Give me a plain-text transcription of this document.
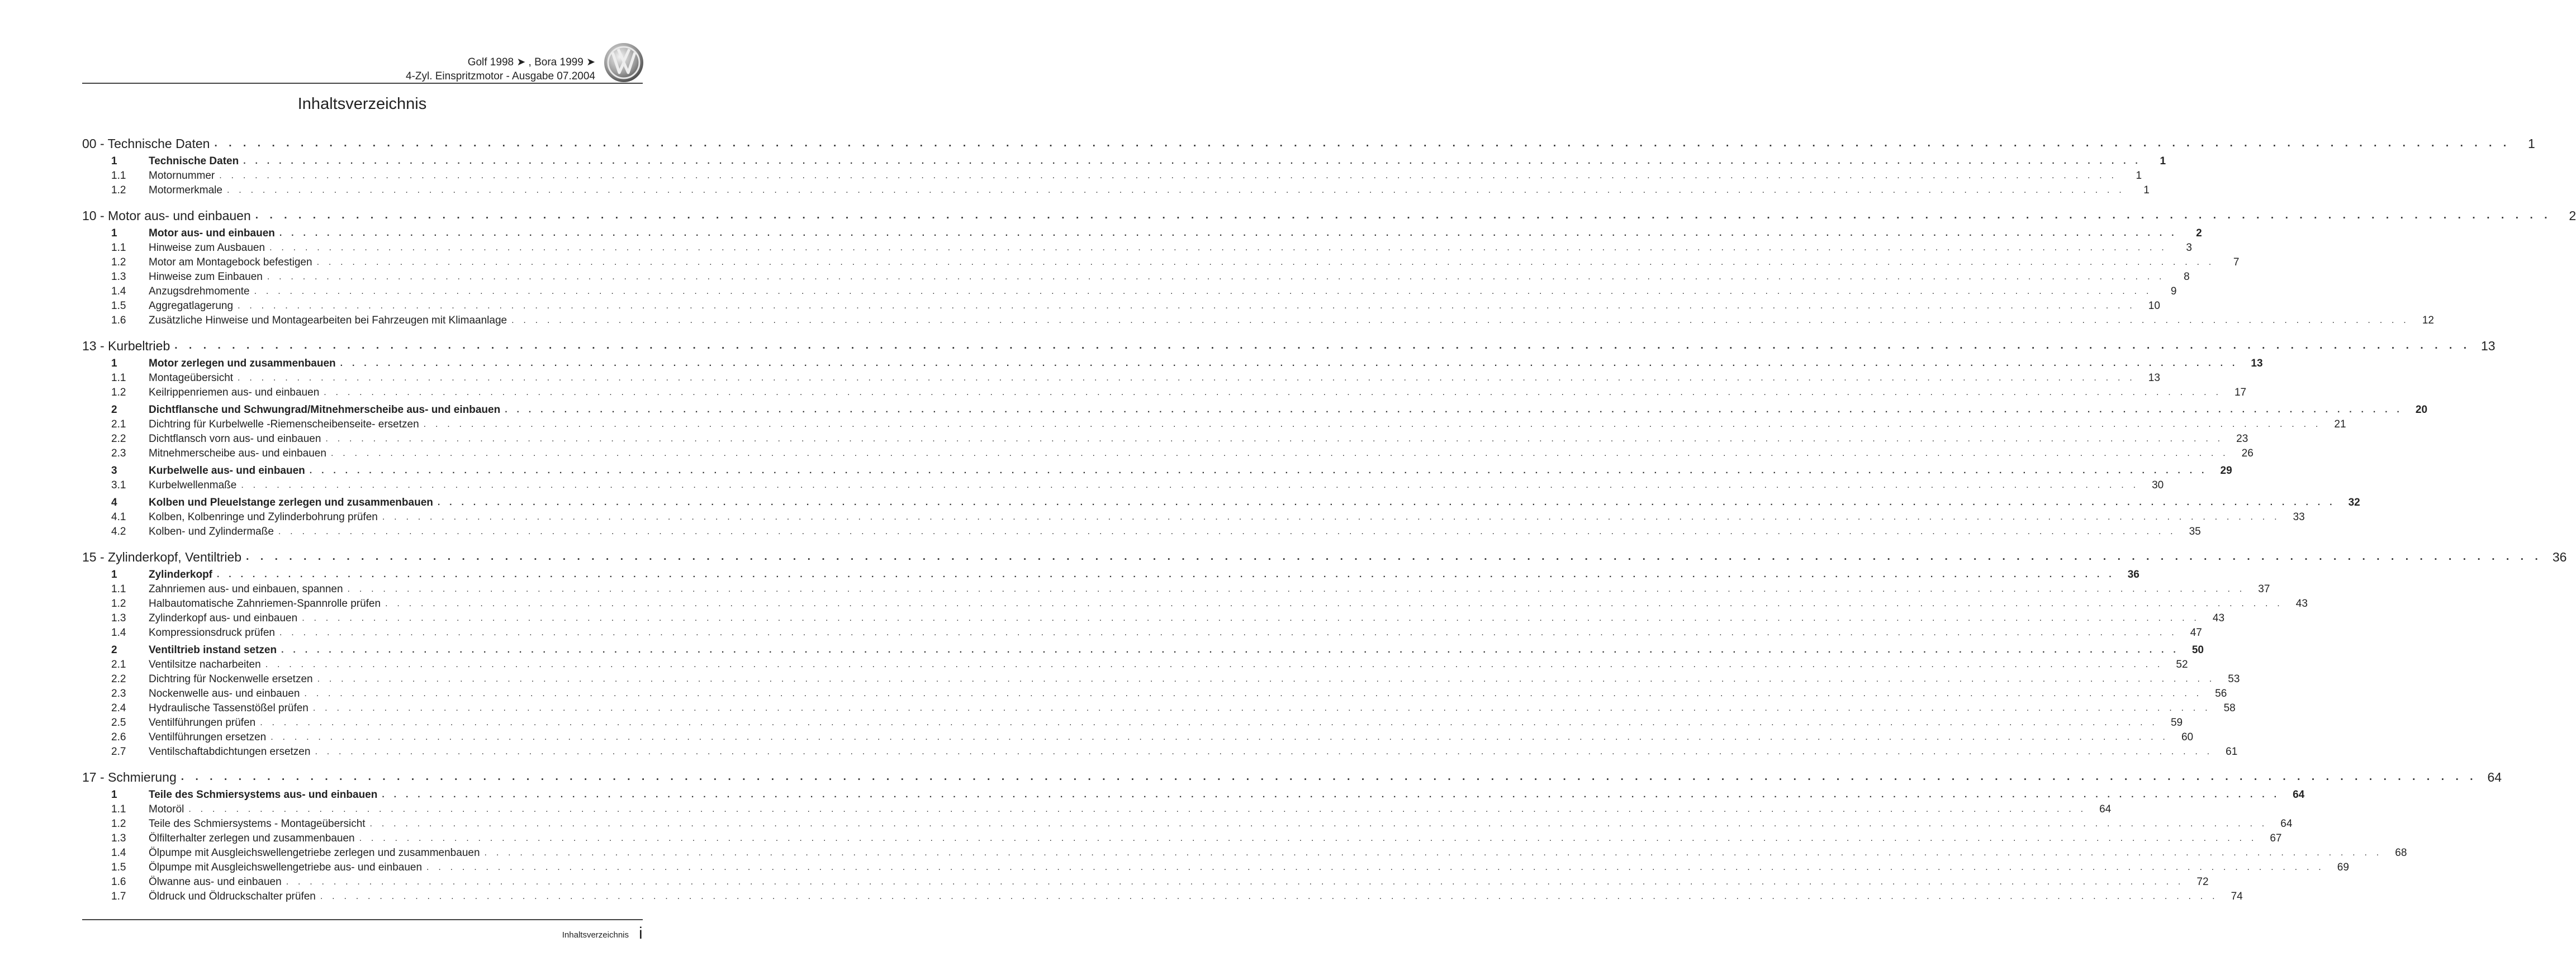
Golf 1998 ➤ , Bora 1999 ➤
4-Zyl. Einspritzmotor - Ausgabe 07.2004
Inhaltsverzeichnis
00 - Technische Daten . . . . . . . . . . . . . . . . . . . . . . . . . . . . . . . . . . . . . . . . . . . . . . . . . . . . . . . . . . . . . . . . . . . . . . . . . . . . . . . . . . . . . . . . . . . . . . . . . . . . . . . . . . . . . . . . . . . . . . . . . . . . . . . . . . . . . . . . . . . . . . . . . . . . . . . . . . . . . . . .	1
1	Technische Daten . . . . . . . . . . . . . . . . . . . . . . . . . . . . . . . . . . . . . . . . . . . . . . . . . . . . . . . . . . . . . . . . . . . . . . . . . . . . . . . . . . . . . . . . . . . . . . . . . . . . . . . . . . . . . . . . . . . . . . . . . . . . . . . . . . . . . . . . . . . . . . . . . . . . . . . . . . . . . . . .	1
1.1	Motornummer . . . . . . . . . . . . . . . . . . . . . . . . . . . . . . . . . . . . . . . . . . . . . . . . . . . . . . . . . . . . . . . . . . . . . . . . . . . . . . . . . . . . . . . . . . . . . . . . . . . . . . . . . . . . . . . . . . . . . . . . . . . . . . . . . . . . . . . . . . . . . . . . . . . . . . . . . . . . . . . .	1
1.2	Motormerkmale . . . . . . . . . . . . . . . . . . . . . . . . . . . . . . . . . . . . . . . . . . . . . . . . . . . . . . . . . . . . . . . . . . . . . . . . . . . . . . . . . . . . . . . . . . . . . . . . . . . . . . . . . . . . . . . . . . . . . . . . . . . . . . . . . . . . . . . . . . . . . . . . . . . . . . . . . . . . . . . .	1
10 - Motor aus- und einbauen . . . . . . . . . . . . . . . . . . . . . . . . . . . . . . . . . . . . . . . . . . . . . . . . . . . . . . . . . . . . . . . . . . . . . . . . . . . . . . . . . . . . . . . . . . . . . . . . . . . . . . . . . . . . . . . . . . . . . . . . . . . . . . . . . . . . . . . . . . . . . . . . . . . . . . . . . . . . . . . .	2
1	Motor aus- und einbauen . . . . . . . . . . . . . . . . . . . . . . . . . . . . . . . . . . . . . . . . . . . . . . . . . . . . . . . . . . . . . . . . . . . . . . . . . . . . . . . . . . . . . . . . . . . . . . . . . . . . . . . . . . . . . . . . . . . . . . . . . . . . . . . . . . . . . . . . . . . . . . . . . . . . . . . . . . . . . . . .	2
1.1	Hinweise zum Ausbauen . . . . . . . . . . . . . . . . . . . . . . . . . . . . . . . . . . . . . . . . . . . . . . . . . . . . . . . . . . . . . . . . . . . . . . . . . . . . . . . . . . . . . . . . . . . . . . . . . . . . . . . . . . . . . . . . . . . . . . . . . . . . . . . . . . . . . . . . . . . . . . . . . . . . . . . . . . . . . . . .	3
1.2	Motor am Montagebock befestigen . . . . . . . . . . . . . . . . . . . . . . . . . . . . . . . . . . . . . . . . . . . . . . . . . . . . . . . . . . . . . . . . . . . . . . . . . . . . . . . . . . . . . . . . . . . . . . . . . . . . . . . . . . . . . . . . . . . . . . . . . . . . . . . . . . . . . . . . . . . . . . . . . . . . . . . . . . . . . . . .	7
1.3	Hinweise zum Einbauen . . . . . . . . . . . . . . . . . . . . . . . . . . . . . . . . . . . . . . . . . . . . . . . . . . . . . . . . . . . . . . . . . . . . . . . . . . . . . . . . . . . . . . . . . . . . . . . . . . . . . . . . . . . . . . . . . . . . . . . . . . . . . . . . . . . . . . . . . . . . . . . . . . . . . . . . . . . . . . . .	8
1.4	Anzugsdrehmomente . . . . . . . . . . . . . . . . . . . . . . . . . . . . . . . . . . . . . . . . . . . . . . . . . . . . . . . . . . . . . . . . . . . . . . . . . . . . . . . . . . . . . . . . . . . . . . . . . . . . . . . . . . . . . . . . . . . . . . . . . . . . . . . . . . . . . . . . . . . . . . . . . . . . . . . . . . . . . . . .	9
1.5	Aggregatlagerung . . . . . . . . . . . . . . . . . . . . . . . . . . . . . . . . . . . . . . . . . . . . . . . . . . . . . . . . . . . . . . . . . . . . . . . . . . . . . . . . . . . . . . . . . . . . . . . . . . . . . . . . . . . . . . . . . . . . . . . . . . . . . . . . . . . . . . . . . . . . . . . . . . . . . . . . . . . . . . . .	10
1.6	Zusätzliche Hinweise und Montagearbeiten bei Fahrzeugen mit Klimaanlage . . . . . . . . . . . . . . . . . . . . . . . . . . . . . . . . . . . . . . . . . . . . . . . . . . . . . . . . . . . . . . . . . . . . . . . . . . . . . . . . . . . . . . . . . . . . . . . . . . . . . . . . . . . . . . . . . . . . . . . . . . . . . . . . . . . . . . . . . . . . . . . . . . . . . . . . . . . . . . . .	12
13 - Kurbeltrieb . . . . . . . . . . . . . . . . . . . . . . . . . . . . . . . . . . . . . . . . . . . . . . . . . . . . . . . . . . . . . . . . . . . . . . . . . . . . . . . . . . . . . . . . . . . . . . . . . . . . . . . . . . . . . . . . . . . . . . . . . . . . . . . . . . . . . . . . . . . . . . . . . . . . . . . . . . . . . . . . 13
1	Motor zerlegen und zusammenbauen . . . . . . . . . . . . . . . . . . . . . . . . . . . . . . . . . . . . . . . . . . . . . . . . . . . . . . . . . . . . . . . . . . . . . . . . . . . . . . . . . . . . . . . . . . . . . . . . . . . . . . . . . . . . . . . . . . . . . . . . . . . . . . . . . . . . . . . . . . . . . . . . . . . . . . . . . . . . . . . .	13
1.1	Montageübersicht . . . . . . . . . . . . . . . . . . . . . . . . . . . . . . . . . . . . . . . . . . . . . . . . . . . . . . . . . . . . . . . . . . . . . . . . . . . . . . . . . . . . . . . . . . . . . . . . . . . . . . . . . . . . . . . . . . . . . . . . . . . . . . . . . . . . . . . . . . . . . . . . . . . . . . . . . . . . . . . .	13
1.2	Keilrippenriemen aus- und einbauen . . . . . . . . . . . . . . . . . . . . . . . . . . . . . . . . . . . . . . . . . . . . . . . . . . . . . . . . . . . . . . . . . . . . . . . . . . . . . . . . . . . . . . . . . . . . . . . . . . . . . . . . . . . . . . . . . . . . . . . . . . . . . . . . . . . . . . . . . . . . . . . . . . . . . . . . . . . . . . . .	17
2	Dichtflansche und Schwungrad/Mitnehmerscheibe aus- und einbauen . . . . . . . . . . . . . . . . . . . . . . . . . . . . . . . . . . . . . . . . . . . . . . . . . . . . . . . . . . . . . . . . . . . . . . . . . . . . . . . . . . . . . . . . . . . . . . . . . . . . . . . . . . . . . . . . . . . . . . . . . . . . . . . . . . . . . . . . . . . . . . . . . . . . . . . . . . . . . . . .	20
2.1	Dichtring für Kurbelwelle -Riemenscheibenseite- ersetzen . . . . . . . . . . . . . . . . . . . . . . . . . . . . . . . . . . . . . . . . . . . . . . . . . . . . . . . . . . . . . . . . . . . . . . . . . . . . . . . . . . . . . . . . . . . . . . . . . . . . . . . . . . . . . . . . . . . . . . . . . . . . . . . . . . . . . . . . . . . . . . . . . . . . . . . . . . . . . . . .	21
2.2	Dichtflansch vorn aus- und einbauen . . . . . . . . . . . . . . . . . . . . . . . . . . . . . . . . . . . . . . . . . . . . . . . . . . . . . . . . . . . . . . . . . . . . . . . . . . . . . . . . . . . . . . . . . . . . . . . . . . . . . . . . . . . . . . . . . . . . . . . . . . . . . . . . . . . . . . . . . . . . . . . . . . . . . . . . . . . . . . . .	23
2.3	Mitnehmerscheibe aus- und einbauen . . . . . . . . . . . . . . . . . . . . . . . . . . . . . . . . . . . . . . . . . . . . . . . . . . . . . . . . . . . . . . . . . . . . . . . . . . . . . . . . . . . . . . . . . . . . . . . . . . . . . . . . . . . . . . . . . . . . . . . . . . . . . . . . . . . . . . . . . . . . . . . . . . . . . . . . . . . . . . . .	26
3	Kurbelwelle aus- und einbauen . . . . . . . . . . . . . . . . . . . . . . . . . . . . . . . . . . . . . . . . . . . . . . . . . . . . . . . . . . . . . . . . . . . . . . . . . . . . . . . . . . . . . . . . . . . . . . . . . . . . . . . . . . . . . . . . . . . . . . . . . . . . . . . . . . . . . . . . . . . . . . . . . . . . . . . . . . . . . . . .	29
3.1	Kurbelwellenmaße . . . . . . . . . . . . . . . . . . . . . . . . . . . . . . . . . . . . . . . . . . . . . . . . . . . . . . . . . . . . . . . . . . . . . . . . . . . . . . . . . . . . . . . . . . . . . . . . . . . . . . . . . . . . . . . . . . . . . . . . . . . . . . . . . . . . . . . . . . . . . . . . . . . . . . . . . . . . . . . .	30
4	Kolben und Pleuelstange zerlegen und zusammenbauen . . . . . . . . . . . . . . . . . . . . . . . . . . . . . . . . . . . . . . . . . . . . . . . . . . . . . . . . . . . . . . . . . . . . . . . . . . . . . . . . . . . . . . . . . . . . . . . . . . . . . . . . . . . . . . . . . . . . . . . . . . . . . . . . . . . . . . . . . . . . . . . . . . . . . . . . . . . . . . . .	32
4.1	Kolben, Kolbenringe und Zylinderbohrung prüfen . . . . . . . . . . . . . . . . . . . . . . . . . . . . . . . . . . . . . . . . . . . . . . . . . . . . . . . . . . . . . . . . . . . . . . . . . . . . . . . . . . . . . . . . . . . . . . . . . . . . . . . . . . . . . . . . . . . . . . . . . . . . . . . . . . . . . . . . . . . . . . . . . . . . . . . . . . . . . . . .	33
4.2	Kolben- und Zylindermaße . . . . . . . . . . . . . . . . . . . . . . . . . . . . . . . . . . . . . . . . . . . . . . . . . . . . . . . . . . . . . . . . . . . . . . . . . . . . . . . . . . . . . . . . . . . . . . . . . . . . . . . . . . . . . . . . . . . . . . . . . . . . . . . . . . . . . . . . . . . . . . . . . . . . . . . . . . . . . . . .	35
15 - Zylinderkopf, Ventiltrieb . . . . . . . . . . . . . . . . . . . . . . . . . . . . . . . . . . . . . . . . . . . . . . . . . . . . . . . . . . . . . . . . . . . . . . . . . . . . . . . . . . . . . . . . . . . . . . . . . . . . . . . . . . . . . . . . . . . . . . . . . . . . . . . . . . . . . . . . . . . . . . . . . . . . . . . . . . . . . . . . 36
1	Zylinderkopf . . . . . . . . . . . . . . . . . . . . . . . . . . . . . . . . . . . . . . . . . . . . . . . . . . . . . . . . . . . . . . . . . . . . . . . . . . . . . . . . . . . . . . . . . . . . . . . . . . . . . . . . . . . . . . . . . . . . . . . . . . . . . . . . . . . . . . . . . . . . . . . . . . . . . . . . . . . . . . . .	36
1.1	Zahnriemen aus- und einbauen, spannen . . . . . . . . . . . . . . . . . . . . . . . . . . . . . . . . . . . . . . . . . . . . . . . . . . . . . . . . . . . . . . . . . . . . . . . . . . . . . . . . . . . . . . . . . . . . . . . . . . . . . . . . . . . . . . . . . . . . . . . . . . . . . . . . . . . . . . . . . . . . . . . . . . . . . . . . . . . . . . . .	37
1.2	Halbautomatische Zahnriemen-Spannrolle prüfen . . . . . . . . . . . . . . . . . . . . . . . . . . . . . . . . . . . . . . . . . . . . . . . . . . . . . . . . . . . . . . . . . . . . . . . . . . . . . . . . . . . . . . . . . . . . . . . . . . . . . . . . . . . . . . . . . . . . . . . . . . . . . . . . . . . . . . . . . . . . . . . . . . . . . . . . . . . . . . . .	43
1.3	Zylinderkopf aus- und einbauen . . . . . . . . . . . . . . . . . . . . . . . . . . . . . . . . . . . . . . . . . . . . . . . . . . . . . . . . . . . . . . . . . . . . . . . . . . . . . . . . . . . . . . . . . . . . . . . . . . . . . . . . . . . . . . . . . . . . . . . . . . . . . . . . . . . . . . . . . . . . . . . . . . . . . . . . . . . . . . . .	43
1.4	Kompressionsdruck prüfen . . . . . . . . . . . . . . . . . . . . . . . . . . . . . . . . . . . . . . . . . . . . . . . . . . . . . . . . . . . . . . . . . . . . . . . . . . . . . . . . . . . . . . . . . . . . . . . . . . . . . . . . . . . . . . . . . . . . . . . . . . . . . . . . . . . . . . . . . . . . . . . . . . . . . . . . . . . . . . . .	47
2	Ventiltrieb instand setzen . . . . . . . . . . . . . . . . . . . . . . . . . . . . . . . . . . . . . . . . . . . . . . . . . . . . . . . . . . . . . . . . . . . . . . . . . . . . . . . . . . . . . . . . . . . . . . . . . . . . . . . . . . . . . . . . . . . . . . . . . . . . . . . . . . . . . . . . . . . . . . . . . . . . . . . . . . . . . . . .	50
2.1	Ventilsitze nacharbeiten . . . . . . . . . . . . . . . . . . . . . . . . . . . . . . . . . . . . . . . . . . . . . . . . . . . . . . . . . . . . . . . . . . . . . . . . . . . . . . . . . . . . . . . . . . . . . . . . . . . . . . . . . . . . . . . . . . . . . . . . . . . . . . . . . . . . . . . . . . . . . . . . . . . . . . . . . . . . . . . .	52
2.2	Dichtring für Nockenwelle ersetzen . . . . . . . . . . . . . . . . . . . . . . . . . . . . . . . . . . . . . . . . . . . . . . . . . . . . . . . . . . . . . . . . . . . . . . . . . . . . . . . . . . . . . . . . . . . . . . . . . . . . . . . . . . . . . . . . . . . . . . . . . . . . . . . . . . . . . . . . . . . . . . . . . . . . . . . . . . . . . . . .	53
2.3	Nockenwelle aus- und einbauen . . . . . . . . . . . . . . . . . . . . . . . . . . . . . . . . . . . . . . . . . . . . . . . . . . . . . . . . . . . . . . . . . . . . . . . . . . . . . . . . . . . . . . . . . . . . . . . . . . . . . . . . . . . . . . . . . . . . . . . . . . . . . . . . . . . . . . . . . . . . . . . . . . . . . . . . . . . . . . . .	56
2.4	Hydraulische Tassenstößel prüfen . . . . . . . . . . . . . . . . . . . . . . . . . . . . . . . . . . . . . . . . . . . . . . . . . . . . . . . . . . . . . . . . . . . . . . . . . . . . . . . . . . . . . . . . . . . . . . . . . . . . . . . . . . . . . . . . . . . . . . . . . . . . . . . . . . . . . . . . . . . . . . . . . . . . . . . . . . . . . . . .	58
2.5	Ventilführungen prüfen . . . . . . . . . . . . . . . . . . . . . . . . . . . . . . . . . . . . . . . . . . . . . . . . . . . . . . . . . . . . . . . . . . . . . . . . . . . . . . . . . . . . . . . . . . . . . . . . . . . . . . . . . . . . . . . . . . . . . . . . . . . . . . . . . . . . . . . . . . . . . . . . . . . . . . . . . . . . . . . .	59
2.6	Ventilführungen ersetzen . . . . . . . . . . . . . . . . . . . . . . . . . . . . . . . . . . . . . . . . . . . . . . . . . . . . . . . . . . . . . . . . . . . . . . . . . . . . . . . . . . . . . . . . . . . . . . . . . . . . . . . . . . . . . . . . . . . . . . . . . . . . . . . . . . . . . . . . . . . . . . . . . . . . . . . . . . . . . . . .	60
2.7	Ventilschaftabdichtungen ersetzen . . . . . . . . . . . . . . . . . . . . . . . . . . . . . . . . . . . . . . . . . . . . . . . . . . . . . . . . . . . . . . . . . . . . . . . . . . . . . . . . . . . . . . . . . . . . . . . . . . . . . . . . . . . . . . . . . . . . . . . . . . . . . . . . . . . . . . . . . . . . . . . . . . . . . . . . . . . . . . . .	61
17 - Schmierung . . . . . . . . . . . . . . . . . . . . . . . . . . . . . . . . . . . . . . . . . . . . . . . . . . . . . . . . . . . . . . . . . . . . . . . . . . . . . . . . . . . . . . . . . . . . . . . . . . . . . . . . . . . . . . . . . . . . . . . . . . . . . . . . . . . . . . . . . . . . . . . . . . . . . . . . . . . . . . . . 64
1	Teile des Schmiersystems aus- und einbauen . . . . . . . . . . . . . . . . . . . . . . . . . . . . . . . . . . . . . . . . . . . . . . . . . . . . . . . . . . . . . . . . . . . . . . . . . . . . . . . . . . . . . . . . . . . . . . . . . . . . . . . . . . . . . . . . . . . . . . . . . . . . . . . . . . . . . . . . . . . . . . . . . . . . . . . . . . . . . . . .	64
1.1	Motoröl . . . . . . . . . . . . . . . . . . . . . . . . . . . . . . . . . . . . . . . . . . . . . . . . . . . . . . . . . . . . . . . . . . . . . . . . . . . . . . . . . . . . . . . . . . . . . . . . . . . . . . . . . . . . . . . . . . . . . . . . . . . . . . . . . . . . . . . . . . . . . . . . . . . . . . . . . . . . . . . .	64
1.2	Teile des Schmiersystems - Montageübersicht . . . . . . . . . . . . . . . . . . . . . . . . . . . . . . . . . . . . . . . . . . . . . . . . . . . . . . . . . . . . . . . . . . . . . . . . . . . . . . . . . . . . . . . . . . . . . . . . . . . . . . . . . . . . . . . . . . . . . . . . . . . . . . . . . . . . . . . . . . . . . . . . . . . . . . . . . . . . . . . .	64
1.3	Ölfilterhalter zerlegen und zusammenbauen . . . . . . . . . . . . . . . . . . . . . . . . . . . . . . . . . . . . . . . . . . . . . . . . . . . . . . . . . . . . . . . . . . . . . . . . . . . . . . . . . . . . . . . . . . . . . . . . . . . . . . . . . . . . . . . . . . . . . . . . . . . . . . . . . . . . . . . . . . . . . . . . . . . . . . . . . . . . . . . .	67
1.4	Ölpumpe mit Ausgleichswellengetriebe zerlegen und zusammenbauen . . . . . . . . . . . . . . . . . . . . . . . . . . . . . . . . . . . . . . . . . . . . . . . . . . . . . . . . . . . . . . . . . . . . . . . . . . . . . . . . . . . . . . . . . . . . . . . . . . . . . . . . . . . . . . . . . . . . . . . . . . . . . . . . . . . . . . . . . . . . . . . . . . . . . . . . . . . . . . . .	68
1.5	Ölpumpe mit Ausgleichswellengetriebe aus- und einbauen . . . . . . . . . . . . . . . . . . . . . . . . . . . . . . . . . . . . . . . . . . . . . . . . . . . . . . . . . . . . . . . . . . . . . . . . . . . . . . . . . . . . . . . . . . . . . . . . . . . . . . . . . . . . . . . . . . . . . . . . . . . . . . . . . . . . . . . . . . . . . . . . . . . . . . . . . . . . . . . .	69
1.6	Ölwanne aus- und einbauen . . . . . . . . . . . . . . . . . . . . . . . . . . . . . . . . . . . . . . . . . . . . . . . . . . . . . . . . . . . . . . . . . . . . . . . . . . . . . . . . . . . . . . . . . . . . . . . . . . . . . . . . . . . . . . . . . . . . . . . . . . . . . . . . . . . . . . . . . . . . . . . . . . . . . . . . . . . . . . . .	72
1.7	Öldruck und Öldruckschalter prüfen . . . . . . . . . . . . . . . . . . . . . . . . . . . . . . . . . . . . . . . . . . . . . . . . . . . . . . . . . . . . . . . . . . . . . . . . . . . . . . . . . . . . . . . . . . . . . . . . . . . . . . . . . . . . . . . . . . . . . . . . . . . . . . . . . . . . . . . . . . . . . . . . . . . . . . . . . . . . . . . .	74
Inhaltsverzeichnis i
